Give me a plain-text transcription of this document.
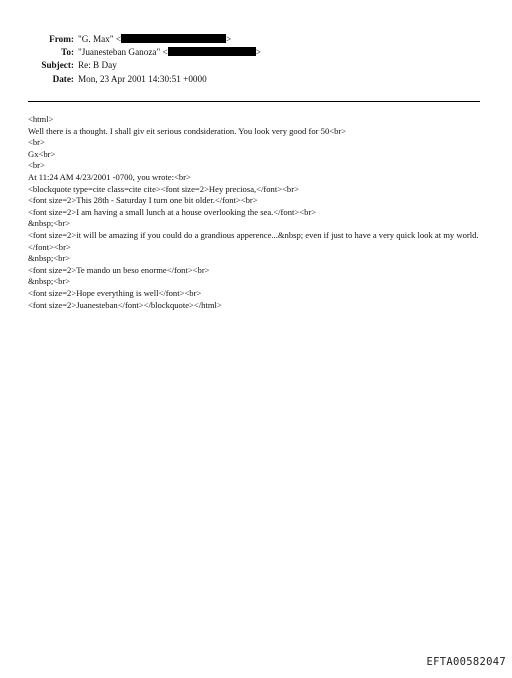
From: "G. Max" <	>
To: "Juanesteban Ganoza" <	>
Subject: Re: B Day
Date: Mon, 23 Apr 2001 14:30:51 +0000
<html>
Well there is a thought. I shall giv eit serious condsideration. You look very good for 50<br>
<br>
Gx<br>
<br>
At 11:24 AM 4/23/2001 -0700, you wrote:<br>
<blockquote type=cite class=cite cite><font size=2>Hey preciosa,</font><br>
<font size=2>This 28th - Saturday I turn one bit older.</font><br>
<font size=2>I am having a small lunch at a house overlooking the sea.</font><br>
&nbsp;<br>
<font size=2>it will be amazing if you could do a grandious apperence...&nbsp; even if just to have a very quick look at my world.</font><br>
&nbsp;<br>
<font size=2>Te mando un beso enorme</font><br>
&nbsp;<br>
<font size=2>Hope everything is well</font><br>
<font size=2>Juanesteban</font></blockquote></html>
EFTA00582047
